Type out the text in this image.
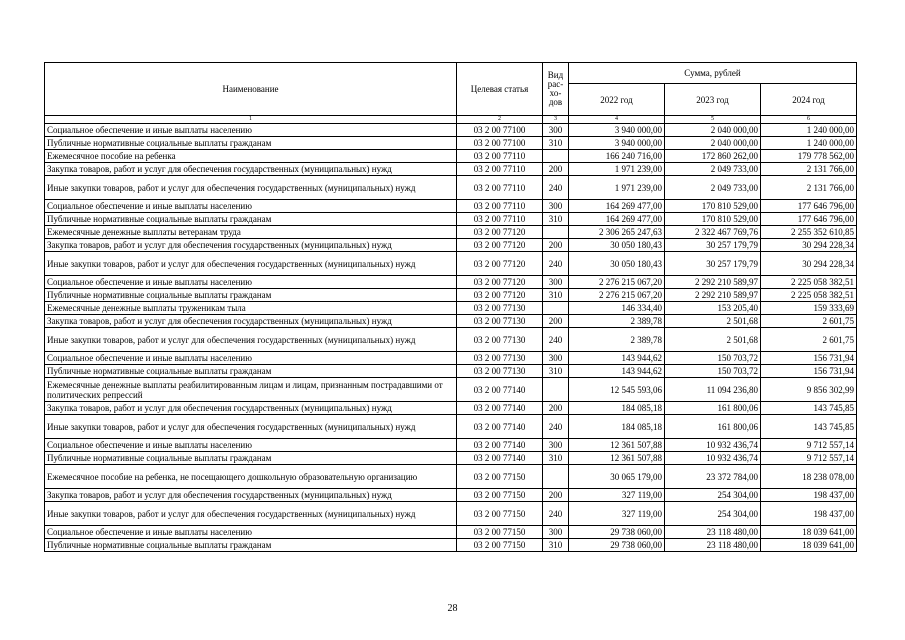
Наименование	Целевая статья	Вид рас-хо-дов	Сумма, рублей		
			2022 год	2023 год	2024 год
1	2	3	4	5	6
Социальное обеспечение и иные выплаты населению	03 2 00 77100	300	3 940 000,00	2 040 000,00	1 240 000,00
Публичные нормативные социальные выплаты гражданам	03 2 00 77100	310	3 940 000,00	2 040 000,00	1 240 000,00
Ежемесячное пособие на ребенка	03 2 00 77110		166 240 716,00	172 860 262,00	179 778 562,00
Закупка товаров, работ и услуг для обеспечения государственных (муниципальных) нужд	03 2 00 77110	200	1 971 239,00	2 049 733,00	2 131 766,00
Иные закупки товаров, работ и услуг для обеспечения государственных (муниципальных) нужд	03 2 00 77110	240	1 971 239,00	2 049 733,00	2 131 766,00
Социальное обеспечение и иные выплаты населению	03 2 00 77110	300	164 269 477,00	170 810 529,00	177 646 796,00
Публичные нормативные социальные выплаты гражданам	03 2 00 77110	310	164 269 477,00	170 810 529,00	177 646 796,00
Ежемесячные денежные выплаты ветеранам труда	03 2 00 77120		2 306 265 247,63	2 322 467 769,76	2 255 352 610,85
Закупка товаров, работ и услуг для обеспечения государственных (муниципальных) нужд	03 2 00 77120	200	30 050 180,43	30 257 179,79	30 294 228,34
Иные закупки товаров, работ и услуг для обеспечения государственных (муниципальных) нужд	03 2 00 77120	240	30 050 180,43	30 257 179,79	30 294 228,34
Социальное обеспечение и иные выплаты населению	03 2 00 77120	300	2 276 215 067,20	2 292 210 589,97	2 225 058 382,51
Публичные нормативные социальные выплаты гражданам	03 2 00 77120	310	2 276 215 067,20	2 292 210 589,97	2 225 058 382,51
Ежемесячные денежные выплаты труженикам тыла	03 2 00 77130		146 334,40	153 205,40	159 333,69
Закупка товаров, работ и услуг для обеспечения государственных (муниципальных) нужд	03 2 00 77130	200	2 389,78	2 501,68	2 601,75
Иные закупки товаров, работ и услуг для обеспечения государственных (муниципальных) нужд	03 2 00 77130	240	2 389,78	2 501,68	2 601,75
Социальное обеспечение и иные выплаты населению	03 2 00 77130	300	143 944,62	150 703,72	156 731,94
Публичные нормативные социальные выплаты гражданам	03 2 00 77130	310	143 944,62	150 703,72	156 731,94
Ежемесячные денежные выплаты реабилитированным лицам и лицам, признанным пострадавшими от политических репрессий	03 2 00 77140		12 545 593,06	11 094 236,80	9 856 302,99
Закупка товаров, работ и услуг для обеспечения государственных (муниципальных) нужд	03 2 00 77140	200	184 085,18	161 800,06	143 745,85
Иные закупки товаров, работ и услуг для обеспечения государственных (муниципальных) нужд	03 2 00 77140	240	184 085,18	161 800,06	143 745,85
Социальное обеспечение и иные выплаты населению	03 2 00 77140	300	12 361 507,88	10 932 436,74	9 712 557,14
Публичные нормативные социальные выплаты гражданам	03 2 00 77140	310	12 361 507,88	10 932 436,74	9 712 557,14
Ежемесячное пособие на ребенка, не посещающего дошкольную образовательную организацию	03 2 00 77150		30 065 179,00	23 372 784,00	18 238 078,00
Закупка товаров, работ и услуг для обеспечения государственных (муниципальных) нужд	03 2 00 77150	200	327 119,00	254 304,00	198 437,00
Иные закупки товаров, работ и услуг для обеспечения государственных (муниципальных) нужд	03 2 00 77150	240	327 119,00	254 304,00	198 437,00
Социальное обеспечение и иные выплаты населению	03 2 00 77150	300	29 738 060,00	23 118 480,00	18 039 641,00
Публичные нормативные социальные выплаты гражданам	03 2 00 77150	310	29 738 060,00	23 118 480,00	18 039 641,00
28
